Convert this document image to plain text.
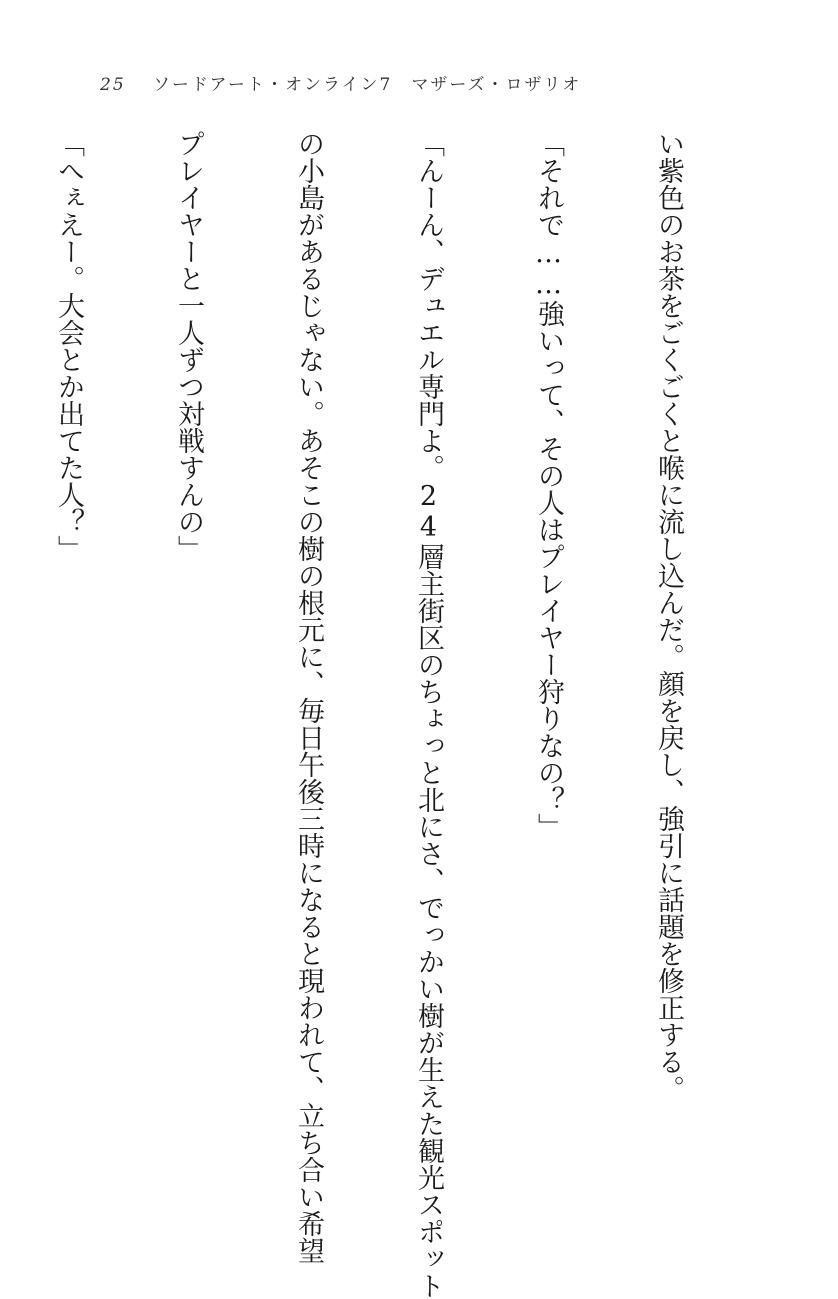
25 ソードアート・オンライン7　マザーズ・ロザリオ

い紫色のお茶をごくごくと喉に流し込んだ。顔を戻し、強引に話題を修正する。

「それで……強いって、その人はプレイヤー狩りなの？」

「んーん、デュエル専門よ。24層主街区のちょっと北にさ、でっかい樹が生えた観光スポット

の小島があるじゃない。あそこの樹の根元に、毎日午後三時になると現われて、立ち合い希望

プレイヤーと一人ずつ対戦すんの」

「へぇえー。大会とか出てた人？」
